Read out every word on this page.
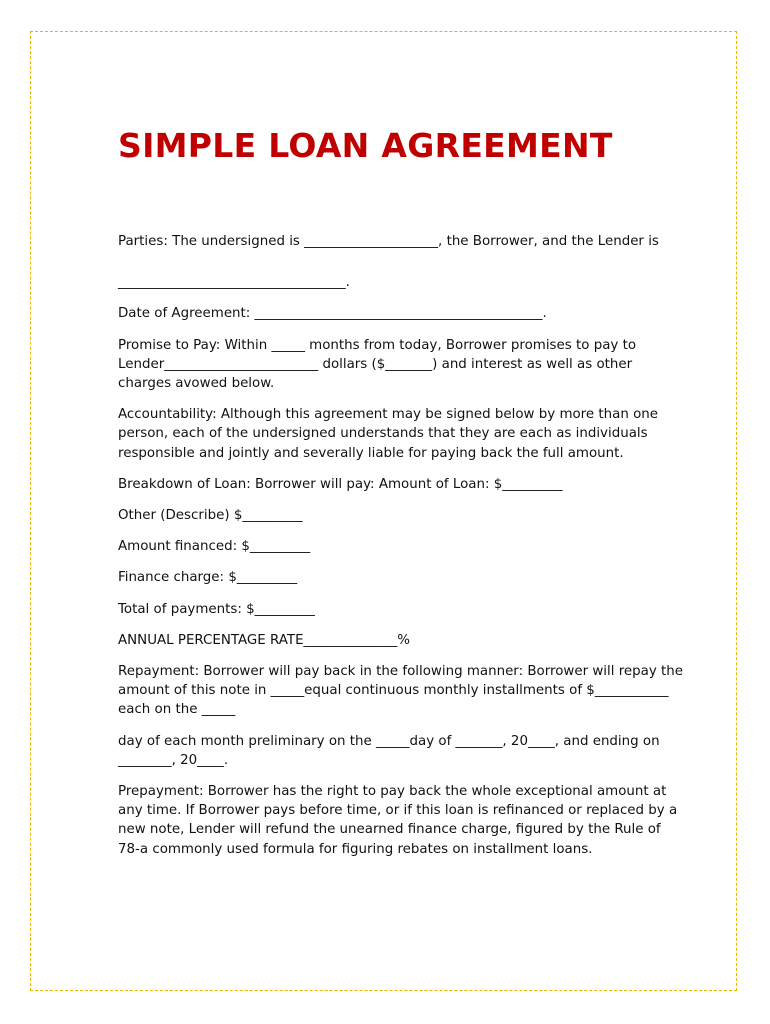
SIMPLE LOAN AGREEMENT

Parties: The undersigned is ____________________, the Borrower, and the Lender is

__________________________________.

Date of Agreement: ___________________________________________.

Promise to Pay: Within _____ months from today, Borrower promises to pay to Lender_______________________ dollars ($_______) and interest as well as other charges avowed below.

Accountability: Although this agreement may be signed below by more than one person, each of the undersigned understands that they are each as individuals responsible and jointly and severally liable for paying back the full amount.

Breakdown of Loan: Borrower will pay: Amount of Loan: $_________

Other (Describe) $_________

Amount financed: $_________

Finance charge: $_________

Total of payments: $_________

ANNUAL PERCENTAGE RATE______________%

Repayment: Borrower will pay back in the following manner: Borrower will repay the amount of this note in _____equal continuous monthly installments of $___________ each on the _____

day of each month preliminary on the _____day of _______, 20____, and ending on ________, 20____.

Prepayment: Borrower has the right to pay back the whole exceptional amount at any time. If Borrower pays before time, or if this loan is refinanced or replaced by a new note, Lender will refund the unearned finance charge, figured by the Rule of 78-a commonly used formula for figuring rebates on installment loans.
